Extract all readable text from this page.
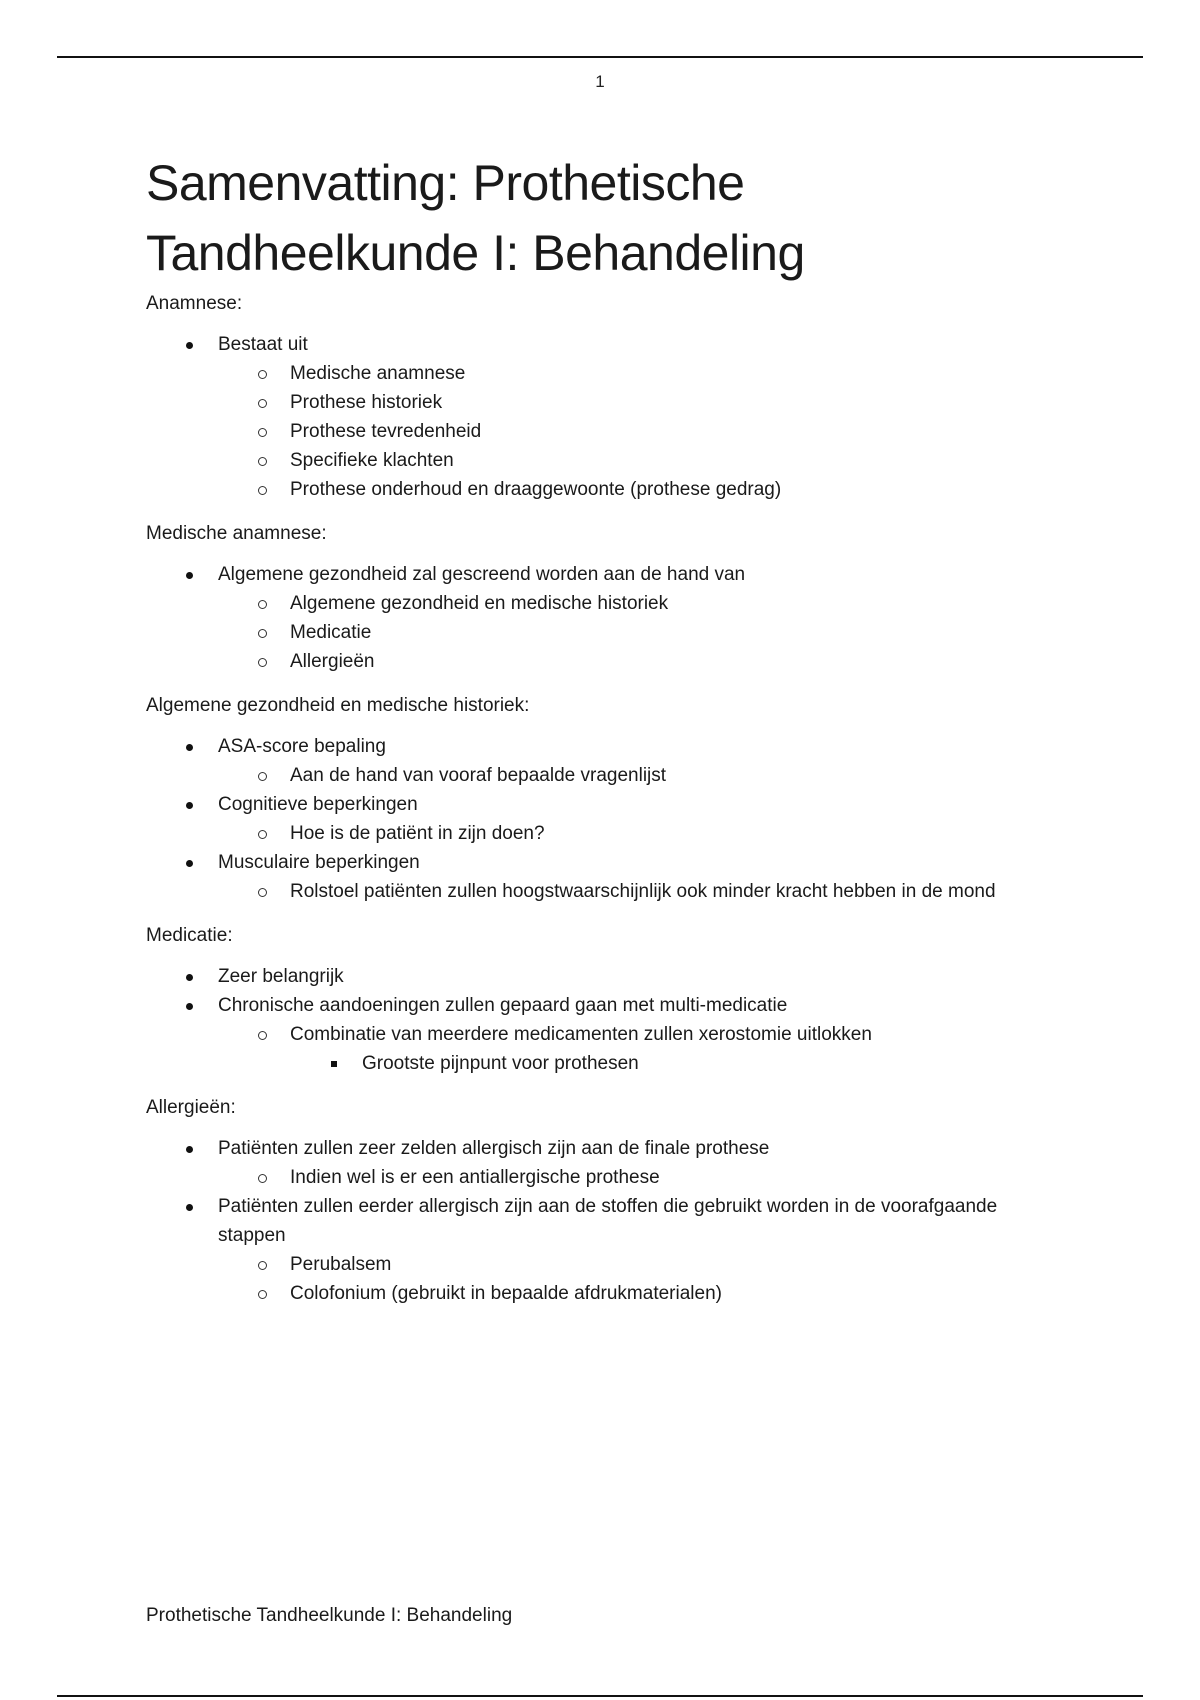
1
Samenvatting: Prothetische Tandheelkunde I: Behandeling
Anamnese:
Bestaat uit
Medische anamnese
Prothese historiek
Prothese tevredenheid
Specifieke klachten
Prothese onderhoud en draaggewoonte (prothese gedrag)
Medische anamnese:
Algemene gezondheid zal gescreend worden aan de hand van
Algemene gezondheid en medische historiek
Medicatie
Allergieën
Algemene gezondheid en medische historiek:
ASA-score bepaling
Aan de hand van vooraf bepaalde vragenlijst
Cognitieve beperkingen
Hoe is de patiënt in zijn doen?
Musculaire beperkingen
Rolstoel patiënten zullen hoogstwaarschijnlijk ook minder kracht hebben in de mond
Medicatie:
Zeer belangrijk
Chronische aandoeningen zullen gepaard gaan met multi-medicatie
Combinatie van meerdere medicamenten zullen xerostomie uitlokken
Grootste pijnpunt voor prothesen
Allergieën:
Patiënten zullen zeer zelden allergisch zijn aan de finale prothese
Indien wel is er een antiallergische prothese
Patiënten zullen eerder allergisch zijn aan de stoffen die gebruikt worden in de voorafgaande stappen
Perubalsem
Colofonium (gebruikt in bepaalde afdrukmaterialen)
Prothetische Tandheelkunde I: Behandeling
